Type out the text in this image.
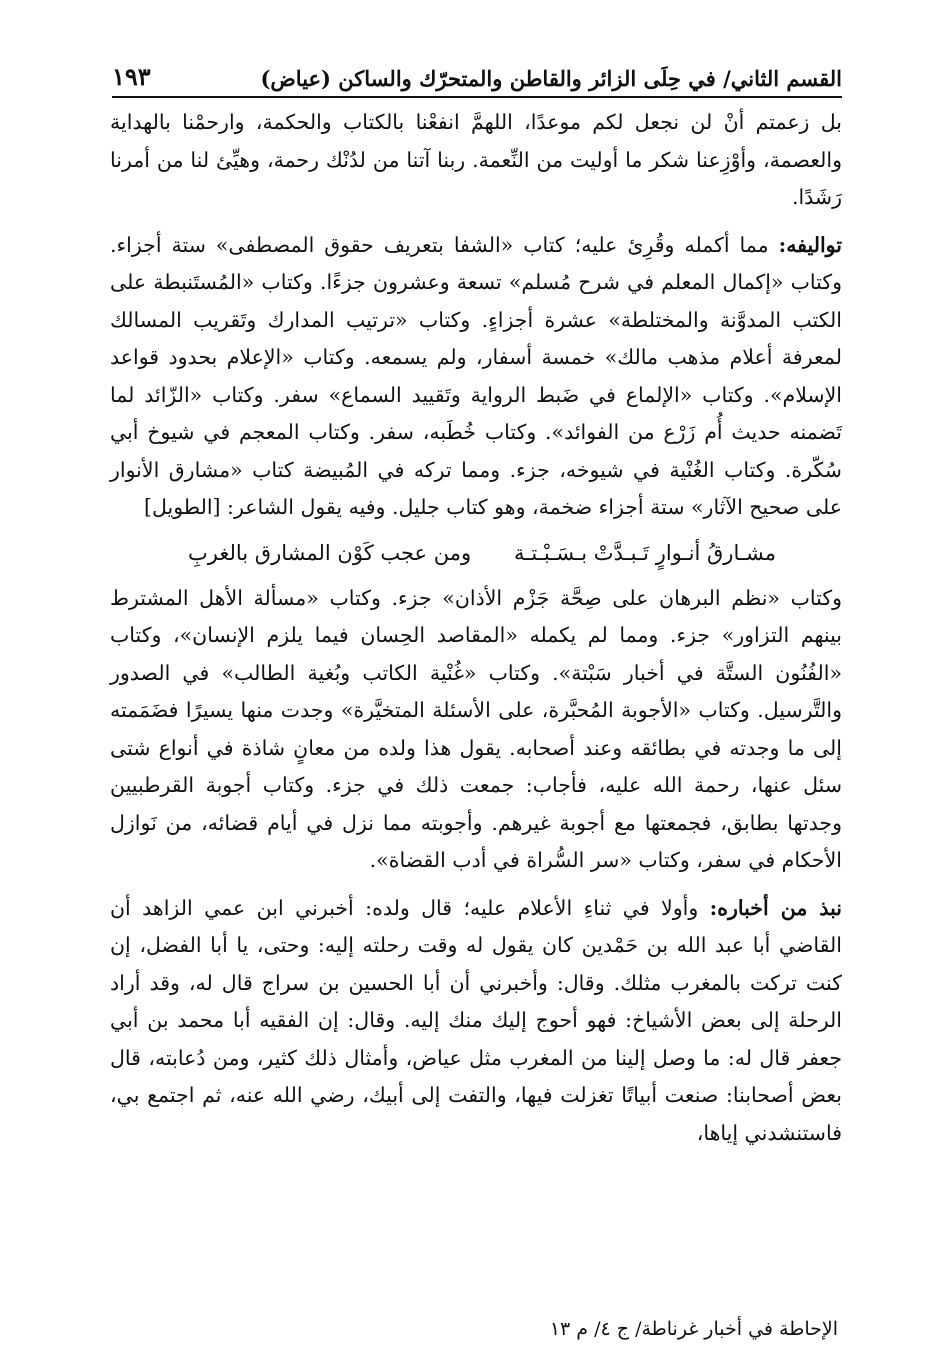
القسم الثاني/ في حِلَى الزائر والقاطن والمتحرّك والساكن (عياض)
١٩٣

بل زعمتم أنْ لن نجعل لكم موعدًا، اللهمَّ انفعْنا بالكتاب والحكمة، وارحمْنا بالهداية والعصمة، وأوْزِعنا شكر ما أوليت من النِّعمة. ربنا آتنا من لدُنْك رحمة، وهيِّئ لنا من أمرنا رَشَدًا.

تواليفه: مما أكمله وقُرِئ عليه؛ كتاب «الشفا بتعريف حقوق المصطفى» ستة أجزاء. وكتاب «إكمال المعلم في شرح مُسلم» تسعة وعشرون جزءًا. وكتاب «المُستَنبطة على الكتب المدوَّنة والمختلطة» عشرة أجزاءٍ. وكتاب «ترتيب المدارك وتَقريب المسالك لمعرفة أعلام مذهب مالك» خمسة أسفار، ولم يسمعه. وكتاب «الإعلام بحدود قواعد الإسلام». وكتاب «الإلماع في ضَبط الرواية وتَقييد السماع» سفر. وكتاب «الزّائد لما تَضمنه حديث أُم زَرْع من الفوائد». وكتاب خُطَبه، سفر. وكتاب المعجم في شيوخ أبي سُكّرة. وكتاب الغُنْية في شيوخه، جزء. ومما تركه في المُبيضة كتاب «مشارق الأنوار على صحيح الآثار» ستة أجزاء ضخمة، وهو كتاب جليل. وفيه يقول الشاعر: [الطويل]

مشـارقُ أنـوارٍ تَـبـدَّتْ بـسَـبْـتـة
ومن عجب كَوْن المشارق بالغربِ

وكتاب «نظم البرهان على صِحَّة جَزْم الأذان» جزء. وكتاب «مسألة الأهل المشترط بينهم التزاور» جزء. ومما لم يكمله «المقاصد الحِسان فيما يلزم الإنسان»، وكتاب «الفُنُون الستَّة في أخبار سَبْتة». وكتاب «غُنْية الكاتب وبُغية الطالب» في الصدور والتَّرسيل. وكتاب «الأجوبة المُحبَّرة، على الأسئلة المتخيَّرة» وجدت منها يسيرًا فضَمَمته إلى ما وجدته في بطائقه وعند أصحابه. يقول هذا ولده من معانٍ شاذة في أنواع شتى سئل عنها، رحمة الله عليه، فأجاب: جمعت ذلك في جزء. وكتاب أجوبة القرطبيين وجدتها بطابق، فجمعتها مع أجوبة غيرهم. وأجوبته مما نزل في أيام قضائه، من نَوازل الأحكام في سفر، وكتاب «سر السُّراة في أدب القضاة».

نبذ من أخباره: وأولا في ثناءِ الأعلام عليه؛ قال ولده: أخبرني ابن عمي الزاهد أن القاضي أبا عبد الله بن حَمْدين كان يقول له وقت رحلته إليه: وحتى، يا أبا الفضل، إن كنت تركت بالمغرب مثلك. وقال: وأخبرني أن أبا الحسين بن سراج قال له، وقد أراد الرحلة إلى بعض الأشياخ: فهو أحوج إليك منك إليه. وقال: إن الفقيه أبا محمد بن أبي جعفر قال له: ما وصل إلينا من المغرب مثل عياض، وأمثال ذلك كثير، ومن دُعابته، قال بعض أصحابنا: صنعت أبياتًا تغزلت فيها، والتفت إلى أبيك، رضي الله عنه، ثم اجتمع بي، فاستنشدني إياها،

الإحاطة في أخبار غرناطة/ ج ٤/ م ١٣
